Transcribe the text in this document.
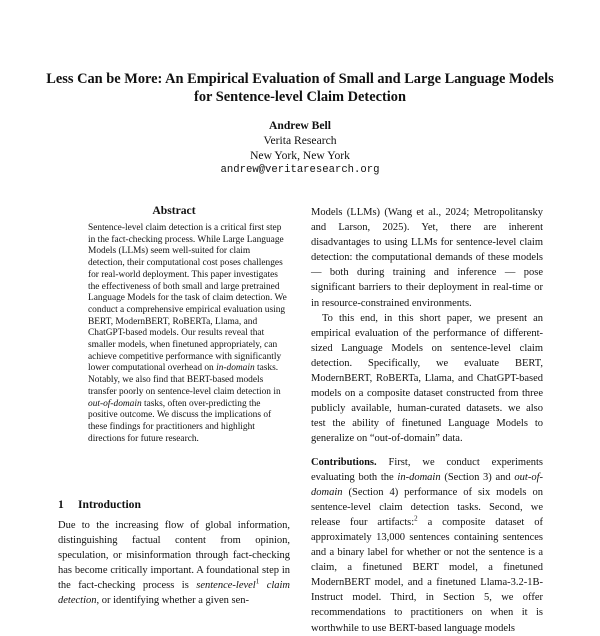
Less Can be More: An Empirical Evaluation of Small and Large Language Models for Sentence-level Claim Detection
Andrew Bell
Verita Research
New York, New York
andrew@veritaresearch.org
Abstract

Sentence-level claim detection is a critical first step in the fact-checking process. While Large Language Models (LLMs) seem well-suited for claim detection, their computational cost poses challenges for real-world deployment. This paper investigates the effectiveness of both small and large pretrained Language Models for the task of claim detection. We conduct a comprehensive empirical evaluation using BERT, ModernBERT, RoBERTa, Llama, and ChatGPT-based models. Our results reveal that smaller models, when finetuned appropriately, can achieve competitive performance with significantly lower computational overhead on in-domain tasks. Notably, we also find that BERT-based models transfer poorly on sentence-level claim detection in out-of-domain tasks, often over-predicting the positive outcome. We discuss the implications of these findings for practitioners and highlight directions for future research.

1 Introduction

Due to the increasing flow of global information, distinguishing factual content from opinion, speculation, or misinformation through fact-checking has become critically important. A foundational step in the fact-checking process is sentence-level$^1$ claim detection, or identifying whether a given sen-

Models (LLMs) (Wang et al., 2024; Metropolitansky and Larson, 2025). Yet, there are inherent disadvantages to using LLMs for sentence-level claim detection: the computational demands of these models — both during training and inference — pose significant barriers to their deployment in real-time or in resource-constrained environments.

To this end, in this short paper, we present an empirical evaluation of the performance of different-sized Language Models on sentence-level claim detection. Specifically, we evaluate BERT, ModernBERT, RoBERTa, Llama, and ChatGPT-based models on a composite dataset constructed from three publicly available, human-curated datasets. we also test the ability of finetuned Language Models to generalize on “out-of-domain” data.

Contributions. First, we conduct experiments evaluating both the in-domain (Section 3) and out-of-domain (Section 4) performance of six models on sentence-level claim detection tasks. Second, we release four artifacts:$^2$ a composite dataset of approximately 13,000 sentences containing sentences and a binary label for whether or not the sentence is a claim, a finetuned BERT model, a finetuned ModernBERT model, and a finetuned Llama-3.2-1B-Instruct model. Third, in Section 5, we offer recommendations to practitioners on when it is worthwhile to use BERT-based language models
